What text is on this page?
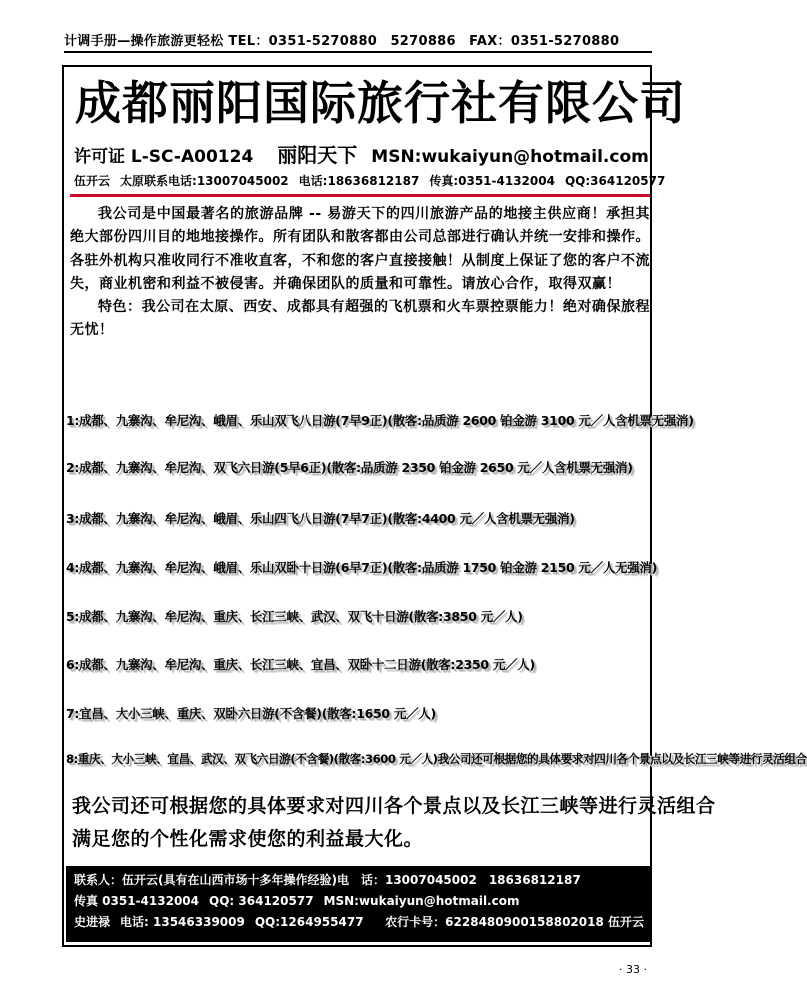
计调手册—操作旅游更轻松 TEL：0351-5270880　5270886　FAX：0351-5270880
成都丽阳国际旅行社有限公司
许可证 L-SC-A00124 丽阳天下 MSN:wukaiyun@hotmail.com
伍开云 太原联系电话:13007045002 电话:18636812187 传真:0351-4132004 QQ:364120577

我公司是中国最著名的旅游品牌 -- 易游天下的四川旅游产品的地接主供应商！承担其绝大部份四川目的地地接操作。所有团队和散客都由公司总部进行确认并统一安排和操作。各驻外机构只准收同行不准收直客，不和您的客户直接接触！从制度上保证了您的客户不流失，商业机密和利益不被侵害。并确保团队的质量和可靠性。请放心合作，取得双赢！

特色：我公司在太原、西安、成都具有超强的飞机票和火车票控票能力！绝对确保旅程无忧！

1:成都、九寨沟、牟尼沟、峨眉、乐山双飞八日游(7早9正)(散客:品质游 2600 铂金游 3100 元／人含机票无强消)
2:成都、九寨沟、牟尼沟、双飞六日游(5早6正)(散客:品质游 2350 铂金游 2650 元／人含机票无强消)
3:成都、九寨沟、牟尼沟、峨眉、乐山四飞八日游(7早7正)(散客:4400 元／人含机票无强消)
4:成都、九寨沟、牟尼沟、峨眉、乐山双卧十日游(6早7正)(散客:品质游 1750 铂金游 2150 元／人无强消)
5:成都、九寨沟、牟尼沟、重庆、长江三峡、武汉、双飞十日游(散客:3850 元／人)
6:成都、九寨沟、牟尼沟、重庆、长江三峡、宜昌、双卧十二日游(散客:2350 元／人)
7:宜昌、大小三峡、重庆、双卧六日游(不含餐)(散客:1650 元／人)
8:重庆、大小三峡、宜昌、武汉、双飞六日游(不含餐)(散客:3600 元／人)我公司还可根据您的具体要求对四川各个景点以及长江三峡等进行灵活组合

我公司还可根据您的具体要求对四川各个景点以及长江三峡等进行灵活组合

满足您的个性化需求使您的利益最大化。

联系人：伍开云(具有在山西市场十多年操作经验)电　话：13007045002　18636812187
传真 0351-4132004 QQ: 364120577 MSN:wukaiyun@hotmail.com
史进禄 电话: 13546339009 QQ:1264955477 农行卡号：6228480900158802018 伍开云
· 33 ·
